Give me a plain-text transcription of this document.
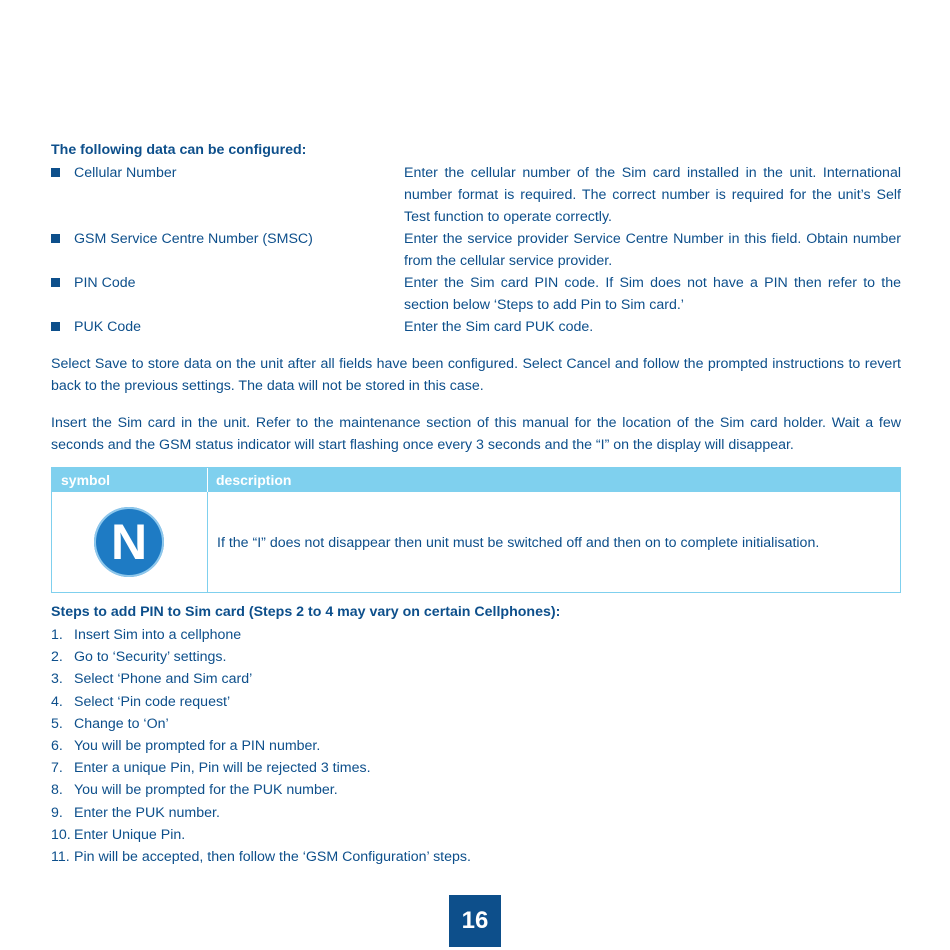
The following data can be configured:
Cellular Number	Enter the cellular number of the Sim card installed in the unit. International number format is required. The correct number is required for the unit’s Self Test function to operate correctly.
GSM Service Centre Number (SMSC)	Enter the service provider Service Centre Number in this field. Obtain number from the cellular service provider.
PIN Code	Enter the Sim card PIN code. If Sim does not have a PIN then refer to the section below ‘Steps to add Pin to Sim card.’
PUK Code	Enter the Sim card PUK code.
Select Save to store data on the unit after all fields have been configured. Select Cancel and follow the prompted instructions to revert back to the previous settings. The data will not be stored in this case.
Insert the Sim card in the unit. Refer to the maintenance section of this manual for the location of the Sim card holder. Wait a few seconds and the GSM status indicator will start flashing once every 3 seconds and the “I” on the display will disappear.
symbol	description
N	If the “I” does not disappear then unit must be switched off and then on to complete initialisation.
Steps to add PIN to Sim card (Steps 2 to 4 may vary on certain Cellphones):
1. Insert Sim into a cellphone
2. Go to ‘Security’ settings.
3. Select ‘Phone and Sim card’
4. Select ‘Pin code request’
5. Change to ‘On’
6. You will be prompted for a PIN number.
7. Enter a unique Pin, Pin will be rejected 3 times.
8. You will be prompted for the PUK number.
9. Enter the PUK number.
10. Enter Unique Pin.
11. Pin will be accepted, then follow the ‘GSM Configuration’ steps.
16
